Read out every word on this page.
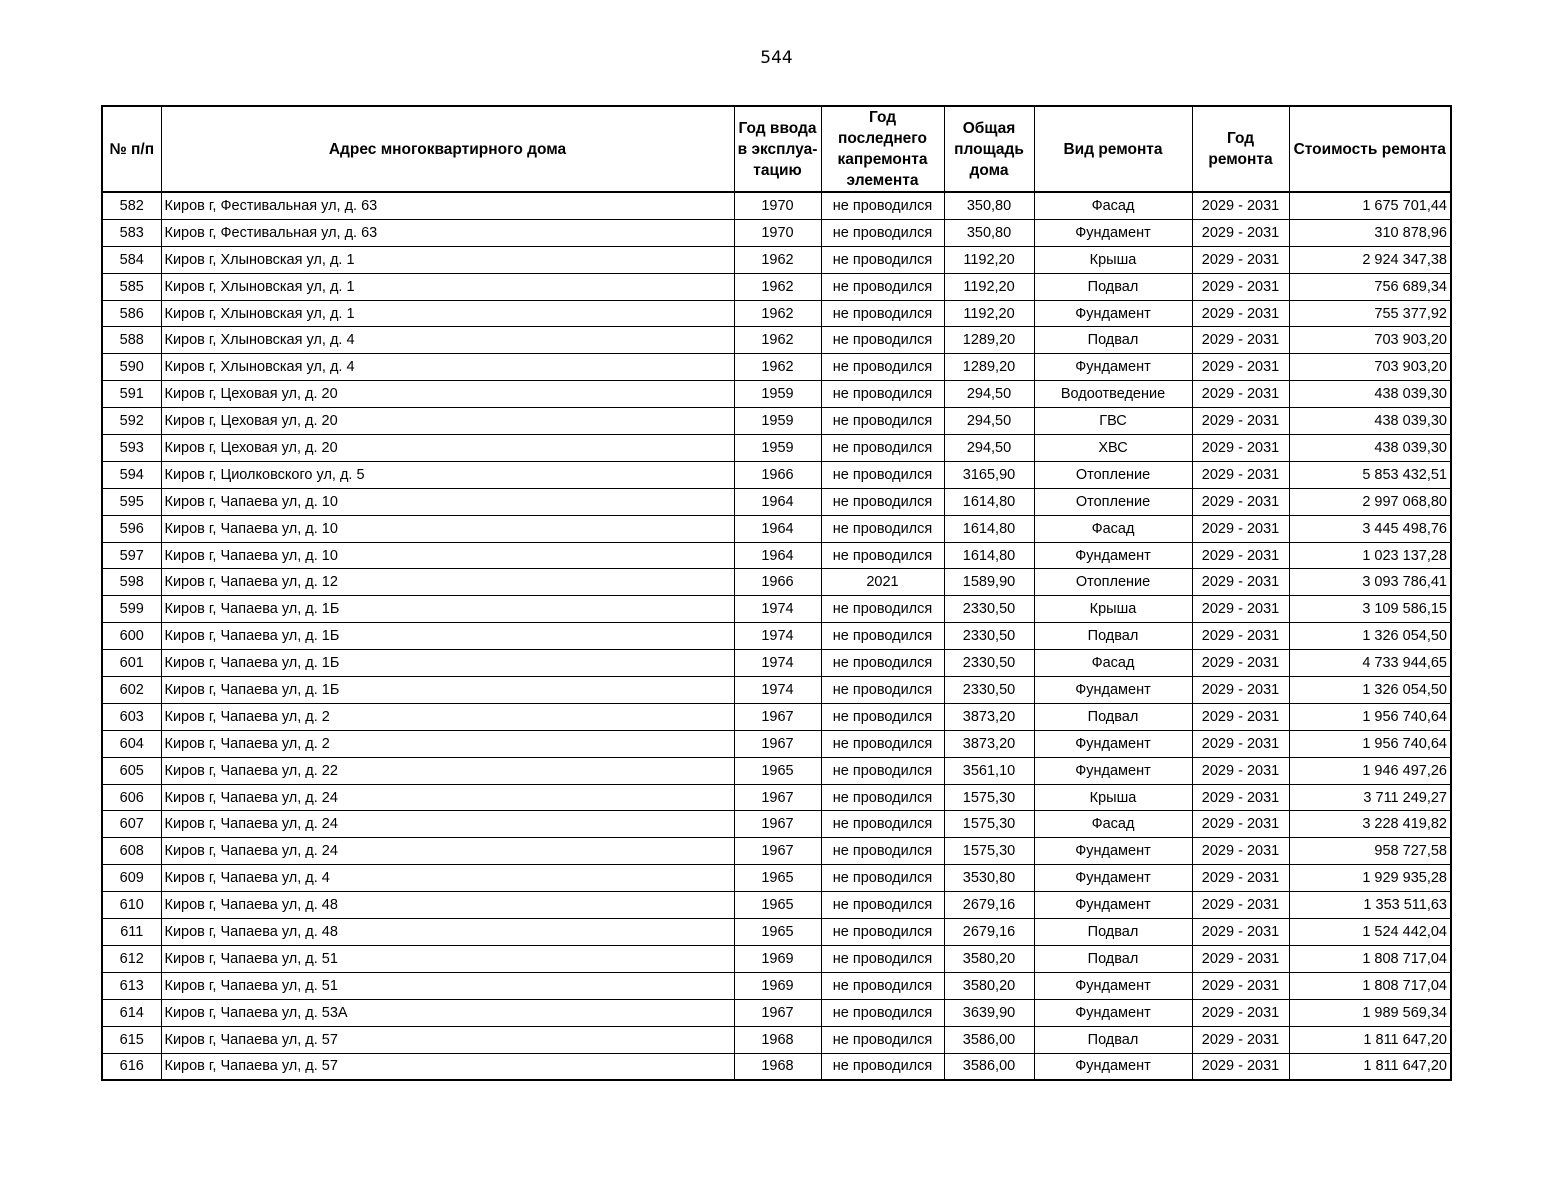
544
№ п/п	Адрес многоквартирного дома	Год ввода в эксплуа-тацию	Год последнего капремонта элемента	Общая площадь дома	Вид ремонта	Год ремонта	Стоимость ремонта
582	Киров г, Фестивальная ул, д. 63	1970	не проводился	350,80	Фасад	2029 - 2031	1 675 701,44
583	Киров г, Фестивальная ул, д. 63	1970	не проводился	350,80	Фундамент	2029 - 2031	310 878,96
584	Киров г, Хлыновская ул, д. 1	1962	не проводился	1192,20	Крыша	2029 - 2031	2 924 347,38
585	Киров г, Хлыновская ул, д. 1	1962	не проводился	1192,20	Подвал	2029 - 2031	756 689,34
586	Киров г, Хлыновская ул, д. 1	1962	не проводился	1192,20	Фундамент	2029 - 2031	755 377,92
588	Киров г, Хлыновская ул, д. 4	1962	не проводился	1289,20	Подвал	2029 - 2031	703 903,20
590	Киров г, Хлыновская ул, д. 4	1962	не проводился	1289,20	Фундамент	2029 - 2031	703 903,20
591	Киров г, Цеховая ул, д. 20	1959	не проводился	294,50	Водоотведение	2029 - 2031	438 039,30
592	Киров г, Цеховая ул, д. 20	1959	не проводился	294,50	ГВС	2029 - 2031	438 039,30
593	Киров г, Цеховая ул, д. 20	1959	не проводился	294,50	ХВС	2029 - 2031	438 039,30
594	Киров г, Циолковского ул, д. 5	1966	не проводился	3165,90	Отопление	2029 - 2031	5 853 432,51
595	Киров г, Чапаева ул, д. 10	1964	не проводился	1614,80	Отопление	2029 - 2031	2 997 068,80
596	Киров г, Чапаева ул, д. 10	1964	не проводился	1614,80	Фасад	2029 - 2031	3 445 498,76
597	Киров г, Чапаева ул, д. 10	1964	не проводился	1614,80	Фундамент	2029 - 2031	1 023 137,28
598	Киров г, Чапаева ул, д. 12	1966	2021	1589,90	Отопление	2029 - 2031	3 093 786,41
599	Киров г, Чапаева ул, д. 1Б	1974	не проводился	2330,50	Крыша	2029 - 2031	3 109 586,15
600	Киров г, Чапаева ул, д. 1Б	1974	не проводился	2330,50	Подвал	2029 - 2031	1 326 054,50
601	Киров г, Чапаева ул, д. 1Б	1974	не проводился	2330,50	Фасад	2029 - 2031	4 733 944,65
602	Киров г, Чапаева ул, д. 1Б	1974	не проводился	2330,50	Фундамент	2029 - 2031	1 326 054,50
603	Киров г, Чапаева ул, д. 2	1967	не проводился	3873,20	Подвал	2029 - 2031	1 956 740,64
604	Киров г, Чапаева ул, д. 2	1967	не проводился	3873,20	Фундамент	2029 - 2031	1 956 740,64
605	Киров г, Чапаева ул, д. 22	1965	не проводился	3561,10	Фундамент	2029 - 2031	1 946 497,26
606	Киров г, Чапаева ул, д. 24	1967	не проводился	1575,30	Крыша	2029 - 2031	3 711 249,27
607	Киров г, Чапаева ул, д. 24	1967	не проводился	1575,30	Фасад	2029 - 2031	3 228 419,82
608	Киров г, Чапаева ул, д. 24	1967	не проводился	1575,30	Фундамент	2029 - 2031	958 727,58
609	Киров г, Чапаева ул, д. 4	1965	не проводился	3530,80	Фундамент	2029 - 2031	1 929 935,28
610	Киров г, Чапаева ул, д. 48	1965	не проводился	2679,16	Фундамент	2029 - 2031	1 353 511,63
611	Киров г, Чапаева ул, д. 48	1965	не проводился	2679,16	Подвал	2029 - 2031	1 524 442,04
612	Киров г, Чапаева ул, д. 51	1969	не проводился	3580,20	Подвал	2029 - 2031	1 808 717,04
613	Киров г, Чапаева ул, д. 51	1969	не проводился	3580,20	Фундамент	2029 - 2031	1 808 717,04
614	Киров г, Чапаева ул, д. 53А	1967	не проводился	3639,90	Фундамент	2029 - 2031	1 989 569,34
615	Киров г, Чапаева ул, д. 57	1968	не проводился	3586,00	Подвал	2029 - 2031	1 811 647,20
616	Киров г, Чапаева ул, д. 57	1968	не проводился	3586,00	Фундамент	2029 - 2031	1 811 647,20
